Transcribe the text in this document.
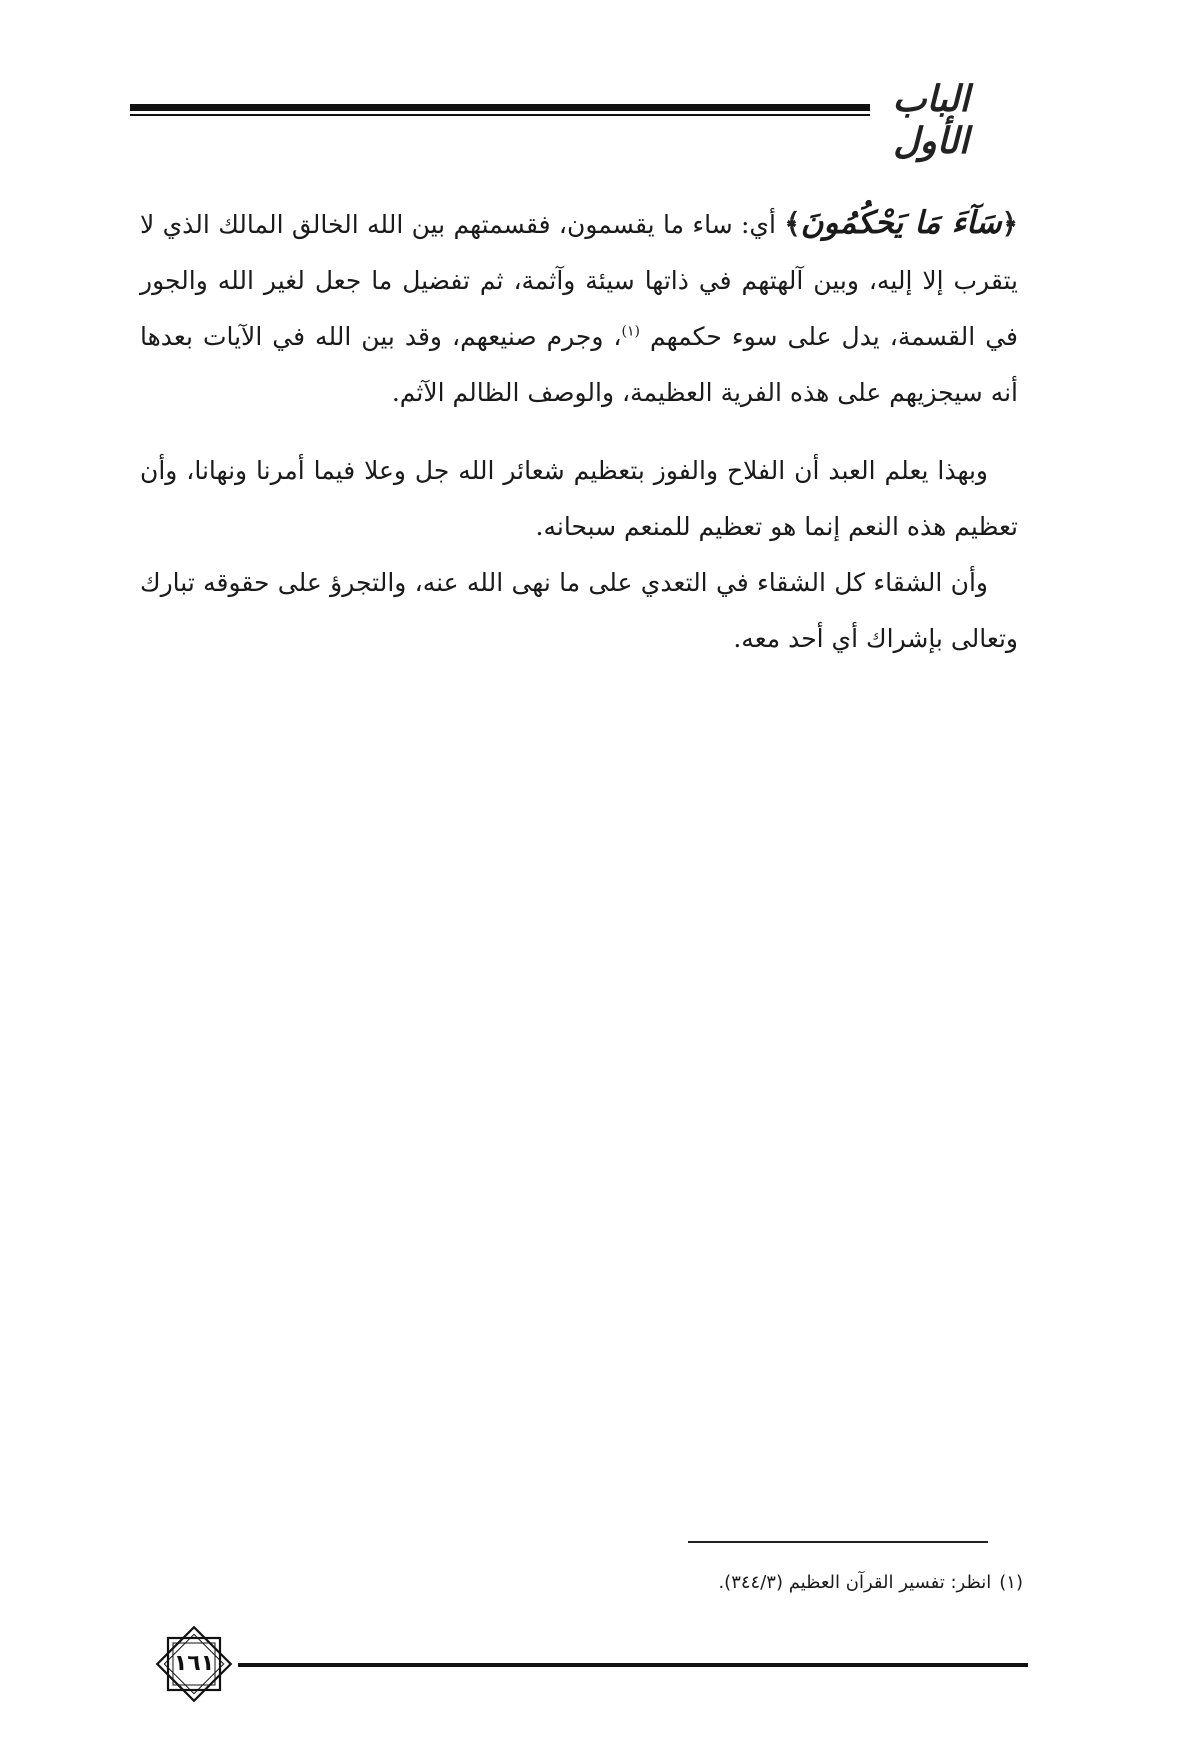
الباب الأول

﴿سَآءَ مَا يَحْكُمُونَ﴾ أي: ساء ما يقسمون، فقسمتهم بين الله الخالق المالك الذي لا يتقرب إلا إليه، وبين آلهتهم في ذاتها سيئة وآثمة، ثم تفضيل ما جعل لغير الله والجور في القسمة، يدل على سوء حكمهم $^{(١)}$، وجرم صنيعهم، وقد بين الله في الآيات بعدها أنه سيجزيهم على هذه الفرية العظيمة، والوصف الظالم الآثم.

وبهذا يعلم العبد أن الفلاح والفوز بتعظيم شعائر الله جل وعلا فيما أمرنا ونهانا، وأن تعظيم هذه النعم إنما هو تعظيم للمنعم سبحانه.

وأن الشقاء كل الشقاء في التعدي على ما نهى الله عنه، والتجرؤ على حقوقه تبارك وتعالى بإشراك أي أحد معه.

(١)انظر: تفسير القرآن العظيم (٣٤٤/٣).
١٦١
